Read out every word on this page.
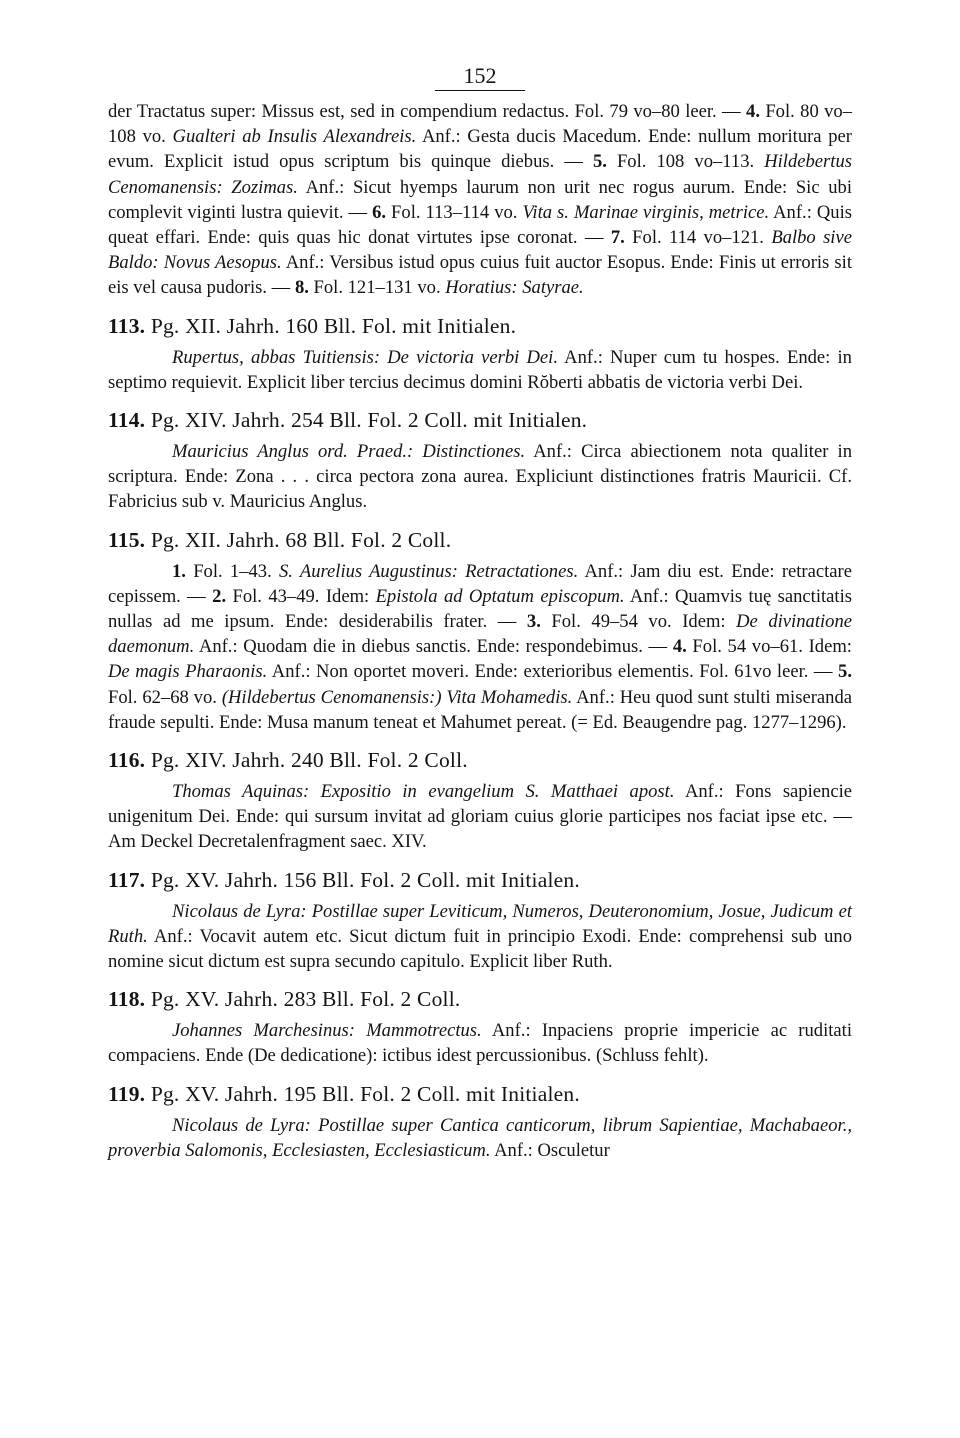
152

der Tractatus super: Missus est, sed in compendium redactus. Fol. 79 vo–80 leer. — 4. Fol. 80 vo–108 vo. Gualteri ab Insulis Alexandreis. Anf.: Gesta ducis Macedum. Ende: nullum moritura per evum. Explicit istud opus scriptum bis quinque diebus. — 5. Fol. 108 vo–113. Hildebertus Cenomanensis: Zozimas. Anf.: Sicut hyemps laurum non urit nec rogus aurum. Ende: Sic ubi complevit viginti lustra quievit. — 6. Fol. 113–114 vo. Vita s. Marinae virginis, metrice. Anf.: Quis queat effari. Ende: quis quas hic donat virtutes ipse coronat. — 7. Fol. 114 vo–121. Balbo sive Baldo: Novus Aesopus. Anf.: Versibus istud opus cuius fuit auctor Esopus. Ende: Finis ut erroris sit eis vel causa pudoris. — 8. Fol. 121–131 vo. Horatius: Satyrae.

113. Pg. XII. Jahrh. 160 Bll. Fol. mit Initialen.

Rupertus, abbas Tuitiensis: De victoria verbi Dei. Anf.: Nuper cum tu hospes. Ende: in septimo requievit. Explicit liber tercius decimus domini Rŏberti abbatis de victoria verbi Dei.

114. Pg. XIV. Jahrh. 254 Bll. Fol. 2 Coll. mit Initialen.

Mauricius Anglus ord. Praed.: Distinctiones. Anf.: Circa abiectionem nota qualiter in scriptura. Ende: Zona . . . circa pectora zona aurea. Expliciunt distinctiones fratris Mauricii. Cf. Fabricius sub v. Mauricius Anglus.

115. Pg. XII. Jahrh. 68 Bll. Fol. 2 Coll.

1. Fol. 1–43. S. Aurelius Augustinus: Retractationes. Anf.: Jam diu est. Ende: retractare cepissem. — 2. Fol. 43–49. Idem: Epistola ad Optatum episcopum. Anf.: Quamvis tuę sanctitatis nullas ad me ipsum. Ende: desiderabilis frater. — 3. Fol. 49–54 vo. Idem: De divinatione daemonum. Anf.: Quodam die in diebus sanctis. Ende: respondebimus. — 4. Fol. 54 vo–61. Idem: De magis Pharaonis. Anf.: Non oportet moveri. Ende: exterioribus elementis. Fol. 61vo leer. — 5. Fol. 62–68 vo. (Hildebertus Cenomanensis:) Vita Mohamedis. Anf.: Heu quod sunt stulti miseranda fraude sepulti. Ende: Musa manum teneat et Mahumet pereat. (= Ed. Beaugendre pag. 1277–1296).

116. Pg. XIV. Jahrh. 240 Bll. Fol. 2 Coll.

Thomas Aquinas: Expositio in evangelium S. Matthaei apost. Anf.: Fons sapiencie unigenitum Dei. Ende: qui sursum invitat ad gloriam cuius glorie participes nos faciat ipse etc. — Am Deckel Decretalenfragment saec. XIV.

117. Pg. XV. Jahrh. 156 Bll. Fol. 2 Coll. mit Initialen.

Nicolaus de Lyra: Postillae super Leviticum, Numeros, Deuteronomium, Josue, Judicum et Ruth. Anf.: Vocavit autem etc. Sicut dictum fuit in principio Exodi. Ende: comprehensi sub uno nomine sicut dictum est supra secundo capitulo. Explicit liber Ruth.

118. Pg. XV. Jahrh. 283 Bll. Fol. 2 Coll.

Johannes Marchesinus: Mammotrectus. Anf.: Inpaciens proprie impericie ac ruditati compaciens. Ende (De dedicatione): ictibus idest percussionibus. (Schluss fehlt).

119. Pg. XV. Jahrh. 195 Bll. Fol. 2 Coll. mit Initialen.

Nicolaus de Lyra: Postillae super Cantica canticorum, librum Sapientiae, Machabaeor., proverbia Salomonis, Ecclesiasten, Ecclesiasticum. Anf.: Osculetur
